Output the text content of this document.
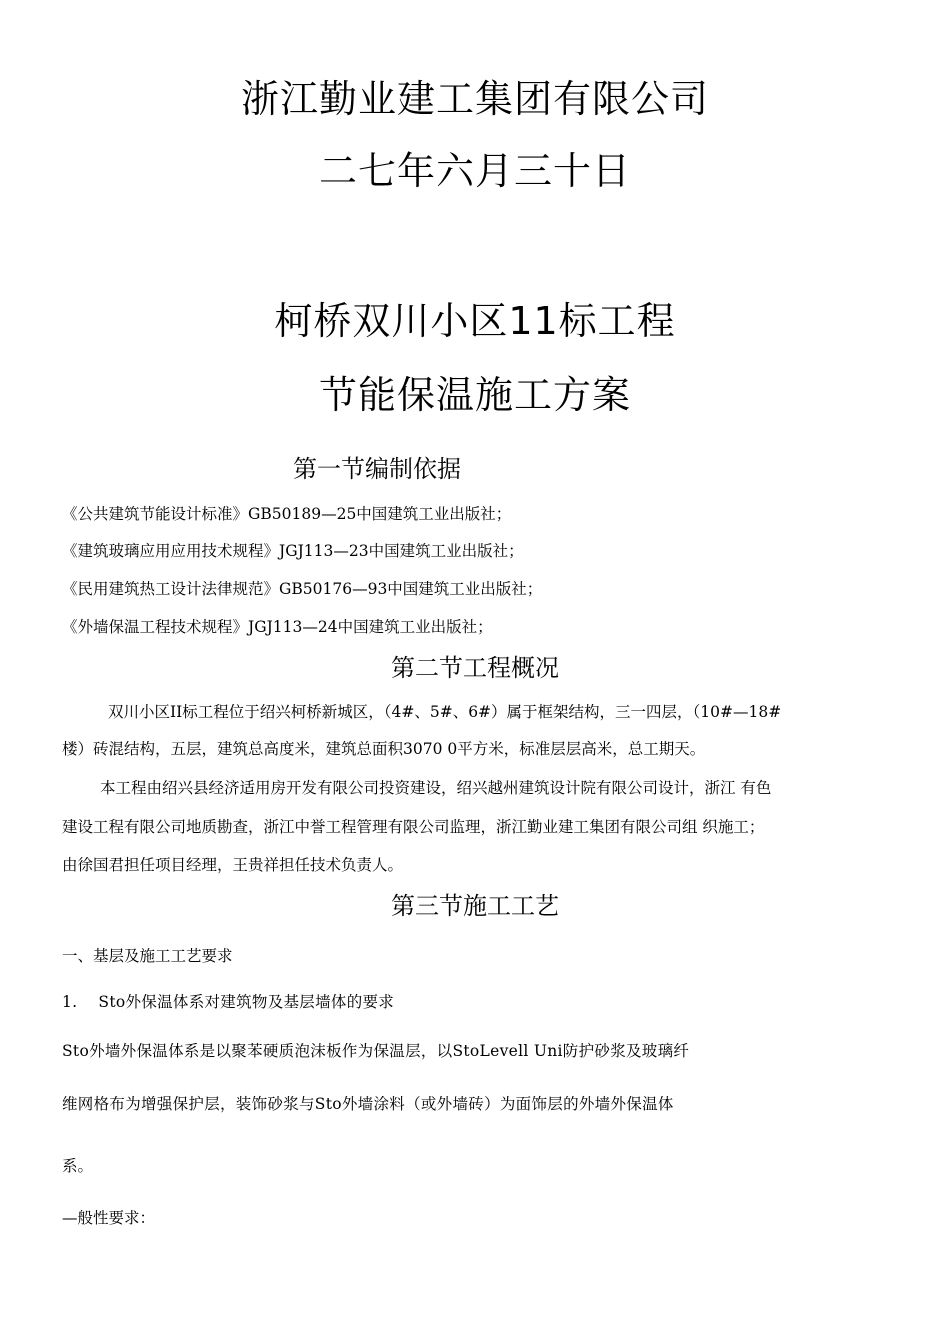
浙江勤业建工集团有限公司
二七年六月三十日
柯桥双川小区11标工程
节能保温施工方案
第一节编制依据
《公共建筑节能设计标准》GB50189—25中国建筑工业出版社；
《建筑玻璃应用应用技术规程》JGJ113—23中国建筑工业出版社；
《民用建筑热工设计法律规范》GB50176—93中国建筑工业出版社；
《外墙保温工程技术规程》JGJ113—24中国建筑工业出版社；
第二节工程概况
双川小区II标工程位于绍兴柯桥新城区，（4#、5#、6#）属于框架结构，三一四层，（10#—18#
楼）砖混结构，五层，建筑总高度米，建筑总面积3070 0平方米，标准层层高米，总工期天。
本工程由绍兴县经济适用房开发有限公司投资建设，绍兴越州建筑设计院有限公司设计，浙江 有色
建设工程有限公司地质勘查，浙江中誉工程管理有限公司监理，浙江勤业建工集团有限公司组 织施工；
由徐国君担任项目经理，王贵祥担任技术负责人。
第三节施工工艺
一、基层及施工工艺要求
1.　 Sto外保温体系对建筑物及基层墙体的要求
Sto外墙外保温体系是以聚苯硬质泡沫板作为保温层，以StoLevell Uni防护砂浆及玻璃纤
维网格布为增强保护层，装饰砂浆与Sto外墙涂料（或外墙砖）为面饰层的外墙外保温体
系。
—般性要求：
